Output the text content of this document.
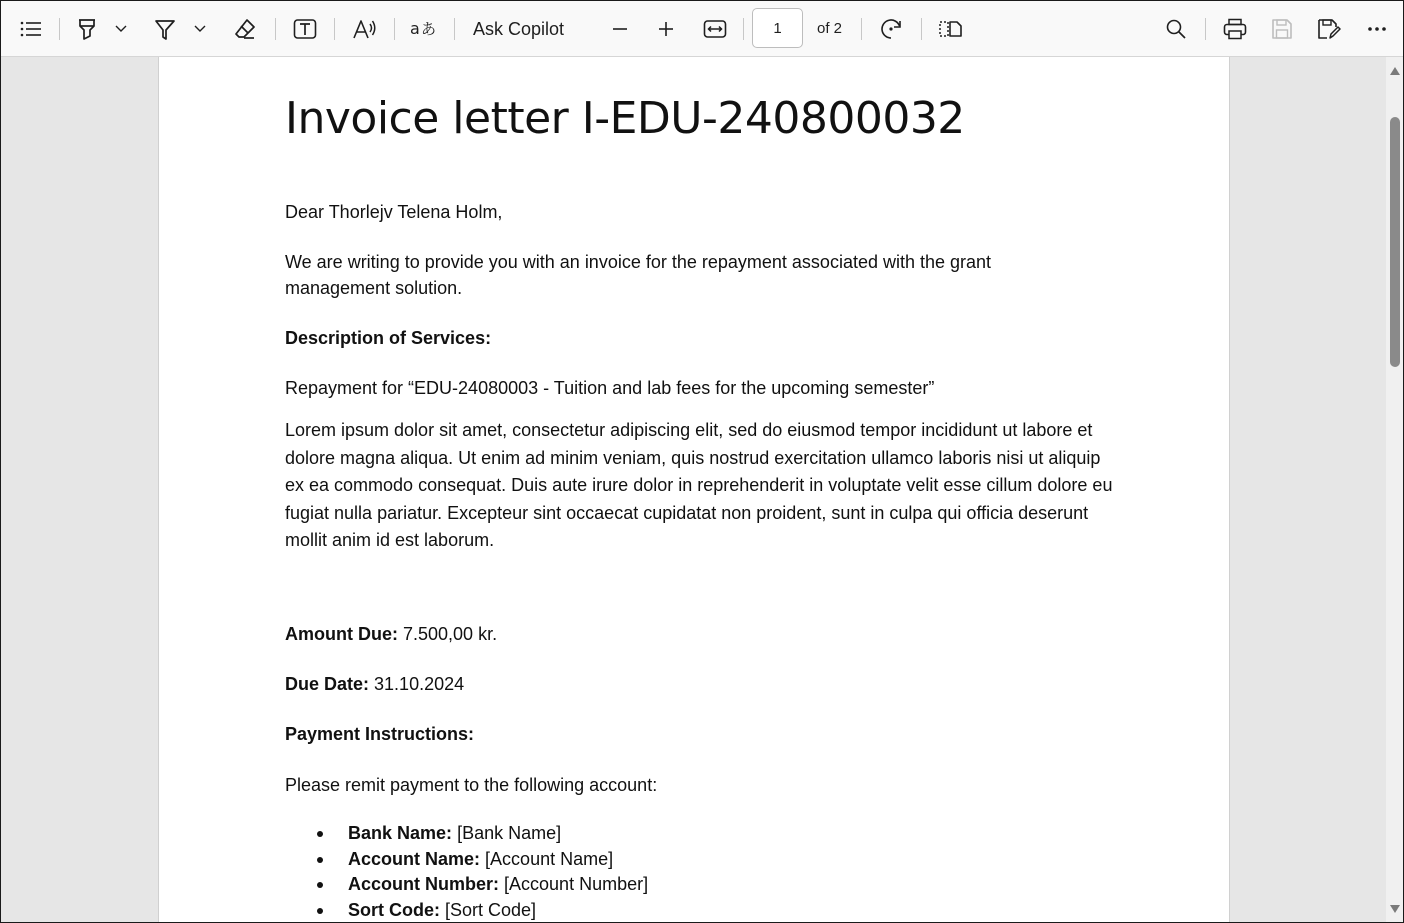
a あ Ask Copilot
1	of 2
Invoice letter I-EDU-240800032

Dear Thorlejv Telena Holm,

We are writing to provide you with an invoice for the repayment associated with the grant management solution.

Description of Services:

Repayment for “EDU-24080003 - Tuition and lab fees for the upcoming semester”

Lorem ipsum dolor sit amet, consectetur adipiscing elit, sed do eiusmod tempor incididunt ut labore et dolore magna aliqua. Ut enim ad minim veniam, quis nostrud exercitation ullamco laboris nisi ut aliquip ex ea commodo consequat. Duis aute irure dolor in reprehenderit in voluptate velit esse cillum dolore eu fugiat nulla pariatur. Excepteur sint occaecat cupidatat non proident, sunt in culpa qui officia deserunt mollit anim id est laborum.

Amount Due: 7.500,00 kr.

Due Date: 31.10.2024

Payment Instructions:

Please remit payment to the following account:

Bank Name: [Bank Name]
Account Name: [Account Name]
Account Number: [Account Number]
Sort Code: [Sort Code]
